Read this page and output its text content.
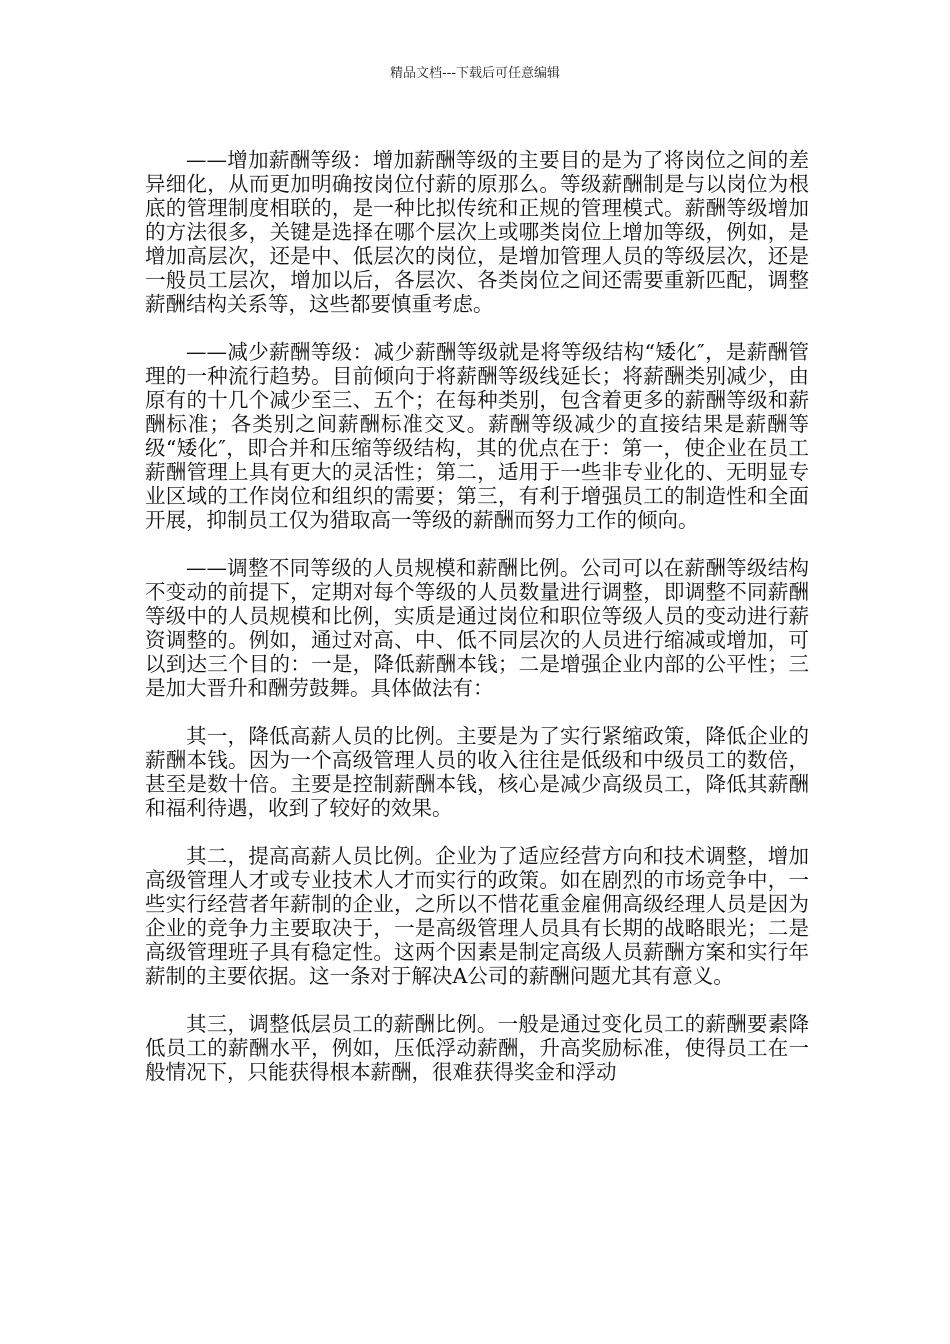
精品文档---下载后可任意编辑

——增加薪酬等级：增加薪酬等级的主要目的是为了将岗位之间的差异细化，从而更加明确按岗位付薪的原那么。等级薪酬制是与以岗位为根底的管理制度相联的，是一种比拟传统和正规的管理模式。薪酬等级增加的方法很多，关键是选择在哪个层次上或哪类岗位上增加等级，例如，是增加高层次，还是中、低层次的岗位，是增加管理人员的等级层次，还是一般员工层次，增加以后，各层次、各类岗位之间还需要重新匹配，调整薪酬结构关系等，这些都要慎重考虑。

——减少薪酬等级：减少薪酬等级就是将等级结构“矮化″，是薪酬管理的一种流行趋势。目前倾向于将薪酬等级线延长；将薪酬类别减少，由原有的十几个减少至三、五个；在每种类别，包含着更多的薪酬等级和薪酬标准；各类别之间薪酬标准交叉。薪酬等级减少的直接结果是薪酬等级“矮化″，即合并和压缩等级结构，其的优点在于：第一，使企业在员工薪酬管理上具有更大的灵活性；第二，适用于一些非专业化的、无明显专业区域的工作岗位和组织的需要；第三，有利于增强员工的制造性和全面开展，抑制员工仅为猎取高一等级的薪酬而努力工作的倾向。

——调整不同等级的人员规模和薪酬比例。公司可以在薪酬等级结构不变动的前提下，定期对每个等级的人员数量进行调整，即调整不同薪酬等级中的人员规模和比例，实质是通过岗位和职位等级人员的变动进行薪资调整的。例如，通过对高、中、低不同层次的人员进行缩减或增加，可以到达三个目的：一是，降低薪酬本钱；二是增强企业内部的公平性；三是加大晋升和酬劳鼓舞。具体做法有：

其一，降低高薪人员的比例。主要是为了实行紧缩政策，降低企业的薪酬本钱。因为一个高级管理人员的收入往往是低级和中级员工的数倍，甚至是数十倍。主要是控制薪酬本钱，核心是减少高级员工，降低其薪酬和福利待遇，收到了较好的效果。

其二，提高高薪人员比例。企业为了适应经营方向和技术调整，增加高级管理人才或专业技术人才而实行的政策。如在剧烈的市场竞争中，一些实行经营者年薪制的企业，之所以不惜花重金雇佣高级经理人员是因为企业的竞争力主要取决于，一是高级管理人员具有长期的战略眼光；二是高级管理班子具有稳定性。这两个因素是制定高级人员薪酬方案和实行年薪制的主要依据。这一条对于解决A公司的薪酬问题尤其有意义。

其三，调整低层员工的薪酬比例。一般是通过变化员工的薪酬要素降低员工的薪酬水平，例如，压低浮动薪酬，升高奖励标准，使得员工在一般情况下，只能获得根本薪酬，很难获得奖金和浮动
